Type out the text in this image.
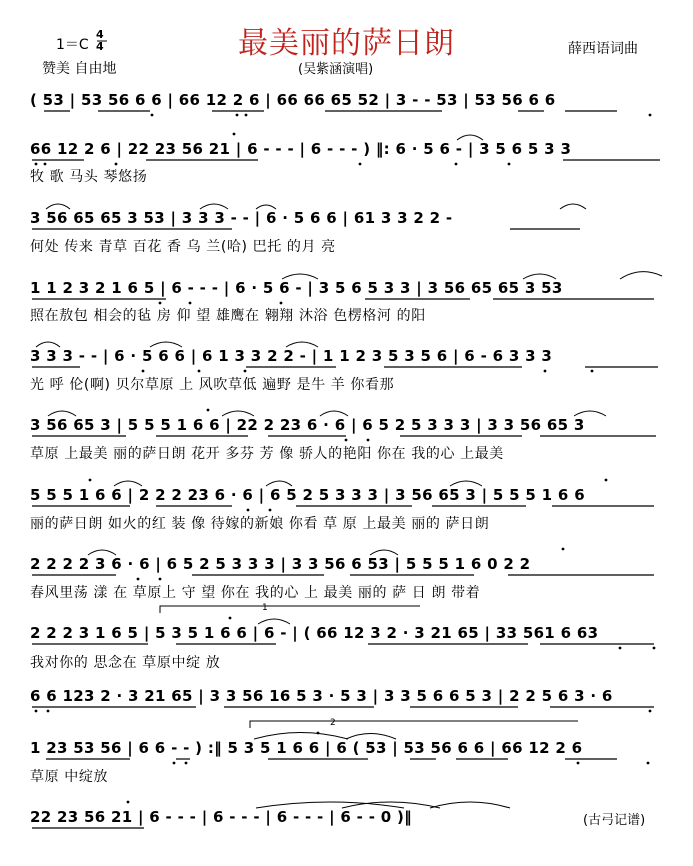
最美丽的萨日朗
1＝C
4
4
赞美 自由地	(吴紫涵演唱)
薛西语词曲
( 53 | 53 56 6 6 | 66 12 2 6 | 66 66 65 52 | 3 - - 53 | 53 56 6 6
66 12 2 6 | 22 23 56 21 | 6 - - - | 6 - - - ) ‖: 6 · 5 6 - | 3 5 6 5 3 3
牧 歌 马头 琴悠扬
3 56 65 65 3 53 | 3 3 3 - - | 6 · 5 6 6 | 61 3 3 2 2 -
何处 传来 青草 百花 香 乌 兰(哈) 巴托 的月 亮
1 1 2 3 2 1 6 5 | 6 - - - | 6 · 5 6 - | 3 5 6 5 3 3 | 3 56 65 65 3 53
照在敖包 相会的毡 房 仰 望 雄鹰在 翱翔 沐浴 色楞格河 的阳
3 3 3 - - | 6 · 5 6 6 | 6 1 3 3 2 2 - | 1 1 2 3 5 3 5 6 | 6 - 6 3 3 3
光 呼 伦(啊) 贝尔草原 上 风吹草低 遍野 是牛 羊 你看那
3 56 65 3 | 5 5 5 1 6 6 | 22 2 23 6 · 6 | 6 5 2 5 3 3 3 | 3 3 56 65 3
草原 上最美 丽的萨日朗 花开 多芬 芳 像 骄人的艳阳 你在 我的心 上最美
5 5 5 1 6 6 | 2 2 2 23 6 · 6 | 6 5 2 5 3 3 3 | 3 56 65 3 | 5 5 5 1 6 6
丽的萨日朗 如火的红 装 像 待嫁的新娘 你看 草 原 上最美 丽的 萨日朗
2 2 2 2 3 6 · 6 | 6 5 2 5 3 3 3 | 3 3 56 6 53 | 5 5 5 1 6 0 2 2
春风里荡 漾 在 草原上 守 望 你在 我的心 上 最美 丽的 萨 日 朗 带着
2 2 2 3 1 6 5 | 5 3 5 1 6 6 | 6 - | ( 66 12 3 2 · 3 21 65 | 33 561 6 63
我对你的 思念在 草原中绽 放
6 6 123 2 · 3 21 65 | 3 3 56 16 5 3 · 5 3 | 3 3 5 6 6 5 3 | 2 2 5 6 3 · 6
1 23 53 56 | 6 6 - - ) :‖ 5 3 5 1 6 6 | 6 ( 53 | 53 56 6 6 | 66 12 2 6
草原 中绽放
22 23 56 21 | 6 - - - | 6 - - - | 6 - - - | 6 - - 0 )‖	(古弓记谱)
1
2
